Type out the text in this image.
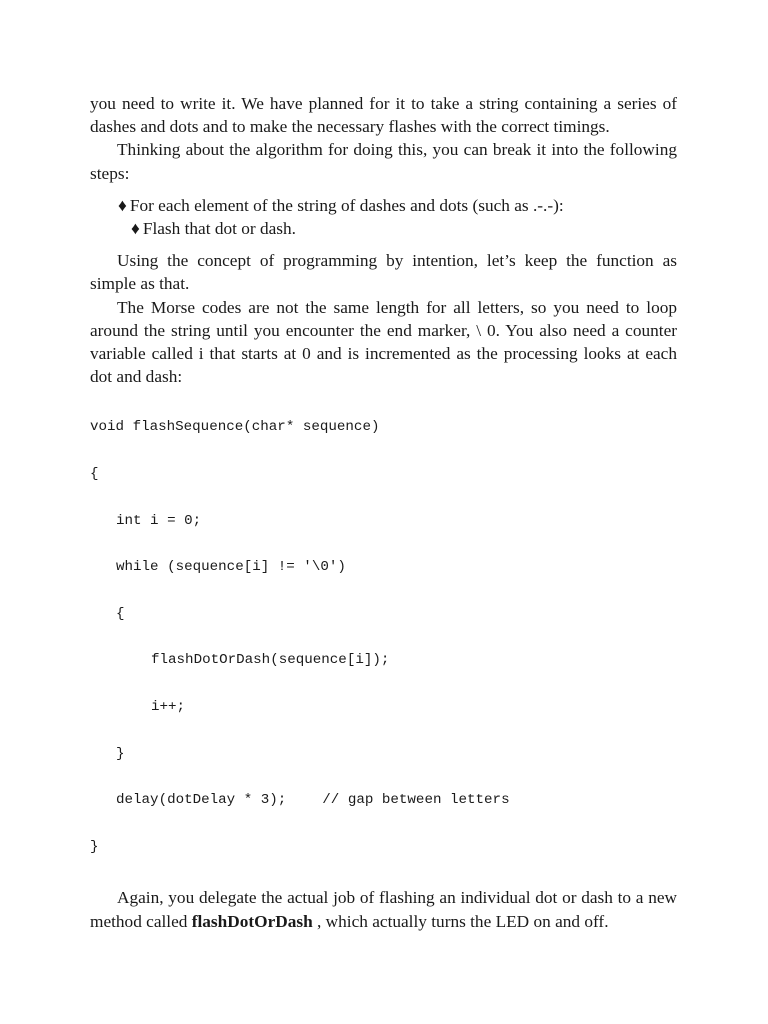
you need to write it. We have planned for it to take a string containing a series of dashes and dots and to make the necessary flashes with the correct timings.

Thinking about the algorithm for doing this, you can break it into the following steps:

♦ For each element of the string of dashes and dots (such as .-.-):
♦ Flash that dot or dash.

Using the concept of programming by intention, let’s keep the function as simple as that.

The Morse codes are not the same length for all letters, so you need to loop around the string until you encounter the end marker, \ 0. You also need a counter variable called i that starts at 0 and is incremented as the processing looks at each dot and dash:

void flashSequence(char* sequence)
{
int i = 0;
while (sequence[i] != '\0')
{
flashDotOrDash(sequence[i]);
i++;
}
delay(dotDelay * 3);	// gap between letters
}

Again, you delegate the actual job of flashing an individual dot or dash to a new method called flashDotOrDash , which actually turns the LED on and off.
